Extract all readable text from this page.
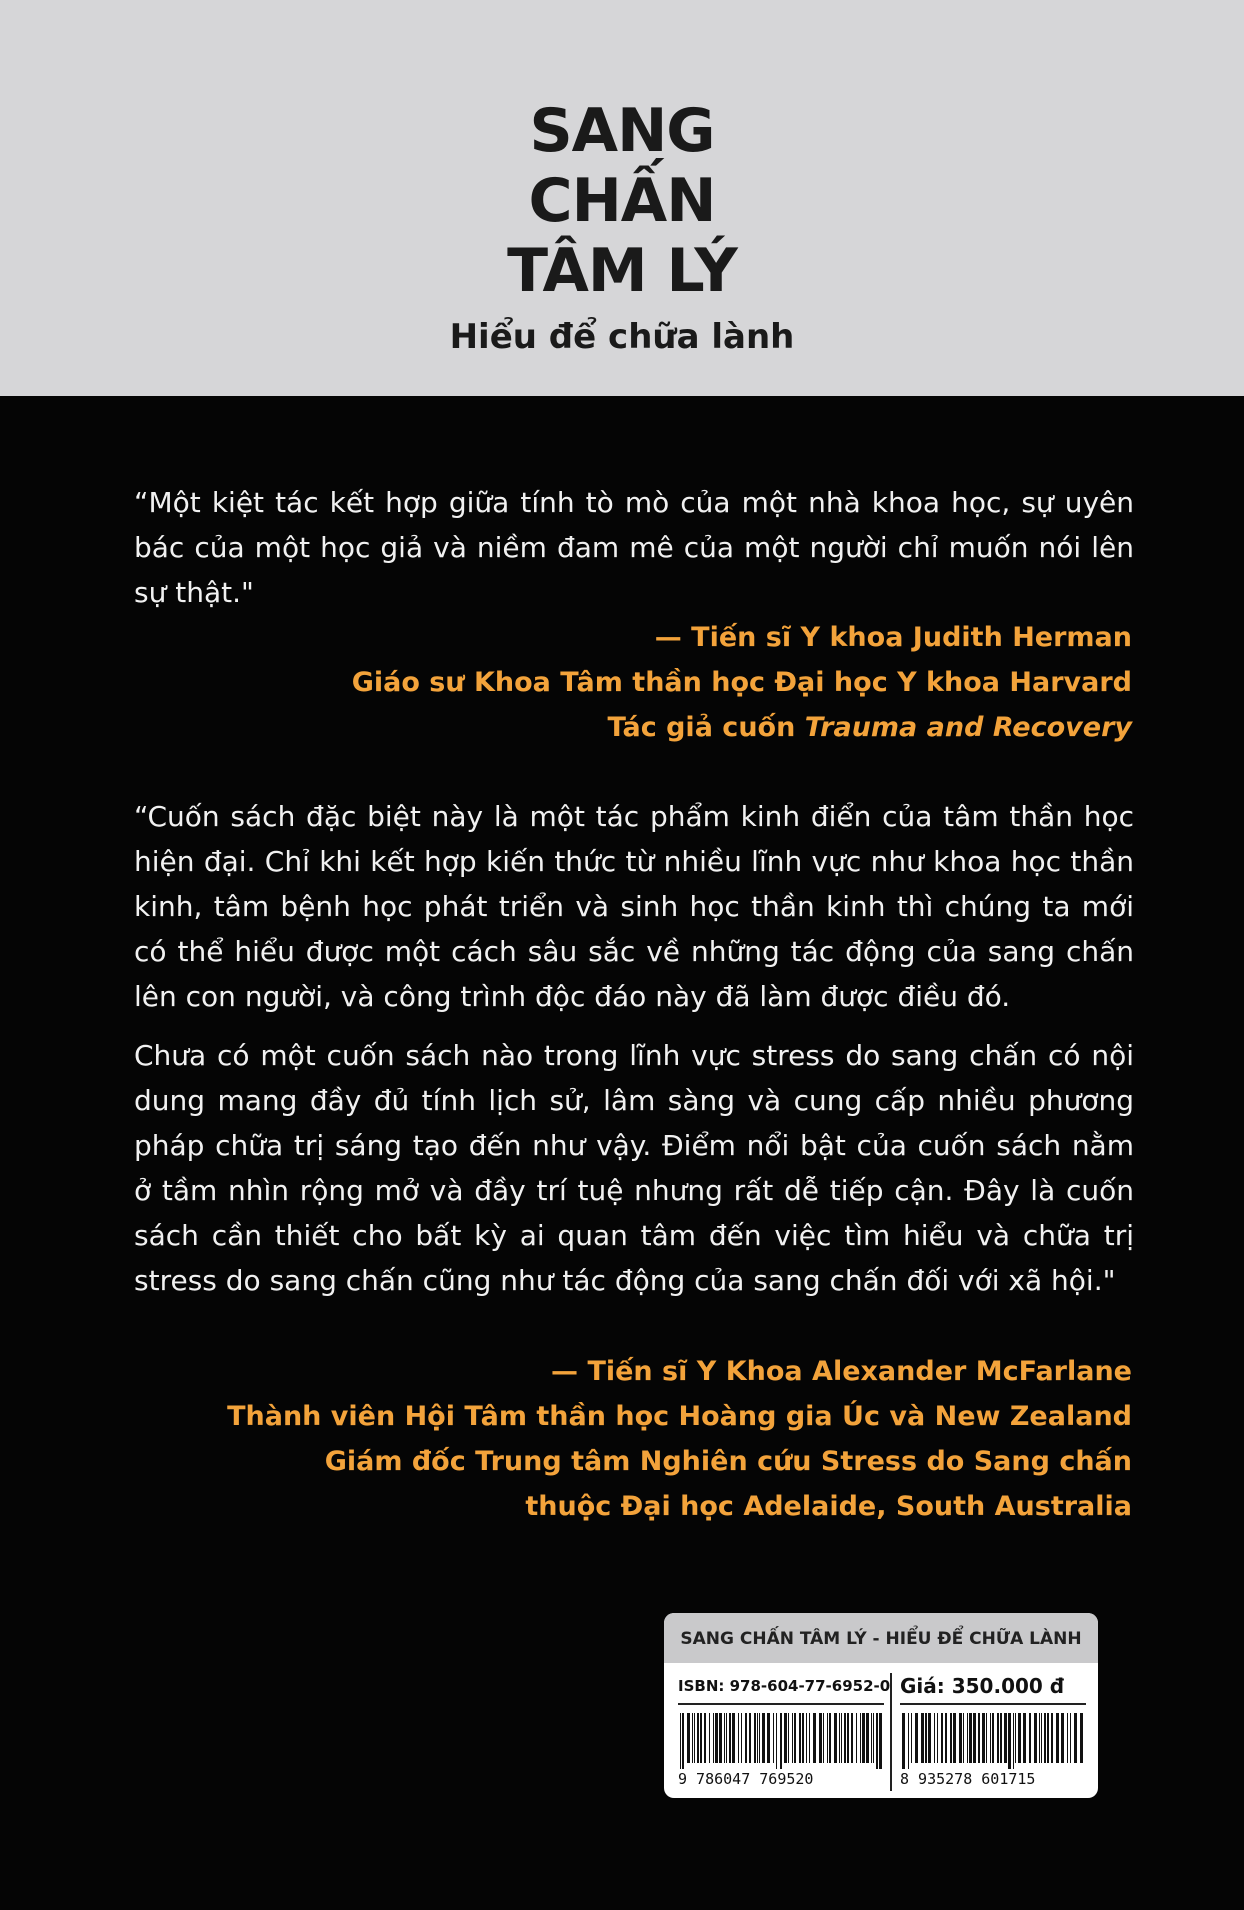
SANG
CHẤN
TÂM LÝ
Hiểu để chữa lành
“Một kiệt tác kết hợp giữa tính tò mò của một nhà khoa học, sự uyên bác của một học giả và niềm đam mê của một người chỉ muốn nói lên sự thật."
— Tiến sĩ Y khoa Judith Herman
Giáo sư Khoa Tâm thần học Đại học Y khoa Harvard
Tác giả cuốn Trauma and Recovery
“Cuốn sách đặc biệt này là một tác phẩm kinh điển của tâm thần học hiện đại. Chỉ khi kết hợp kiến thức từ nhiều lĩnh vực như khoa học thần kinh, tâm bệnh học phát triển và sinh học thần kinh thì chúng ta mới có thể hiểu được một cách sâu sắc về những tác động của sang chấn lên con người, và công trình độc đáo này đã làm được điều đó.
Chưa có một cuốn sách nào trong lĩnh vực stress do sang chấn có nội dung mang đầy đủ tính lịch sử, lâm sàng và cung cấp nhiều phương pháp chữa trị sáng tạo đến như vậy. Điểm nổi bật của cuốn sách nằm ở tầm nhìn rộng mở và đầy trí tuệ nhưng rất dễ tiếp cận. Đây là cuốn sách cần thiết cho bất kỳ ai quan tâm đến việc tìm hiểu và chữa trị stress do sang chấn cũng như tác động của sang chấn đối với xã hội."
— Tiến sĩ Y Khoa Alexander McFarlane
Thành viên Hội Tâm thần học Hoàng gia Úc và New Zealand
Giám đốc Trung tâm Nghiên cứu Stress do Sang chấn
thuộc Đại học Adelaide, South Australia
SANG CHẤN TÂM LÝ - HIỂU ĐỂ CHỮA LÀNH
ISBN: 978-604-77-6952-0
9 786047 769520
Giá: 350.000 đ
8 935278 601715
